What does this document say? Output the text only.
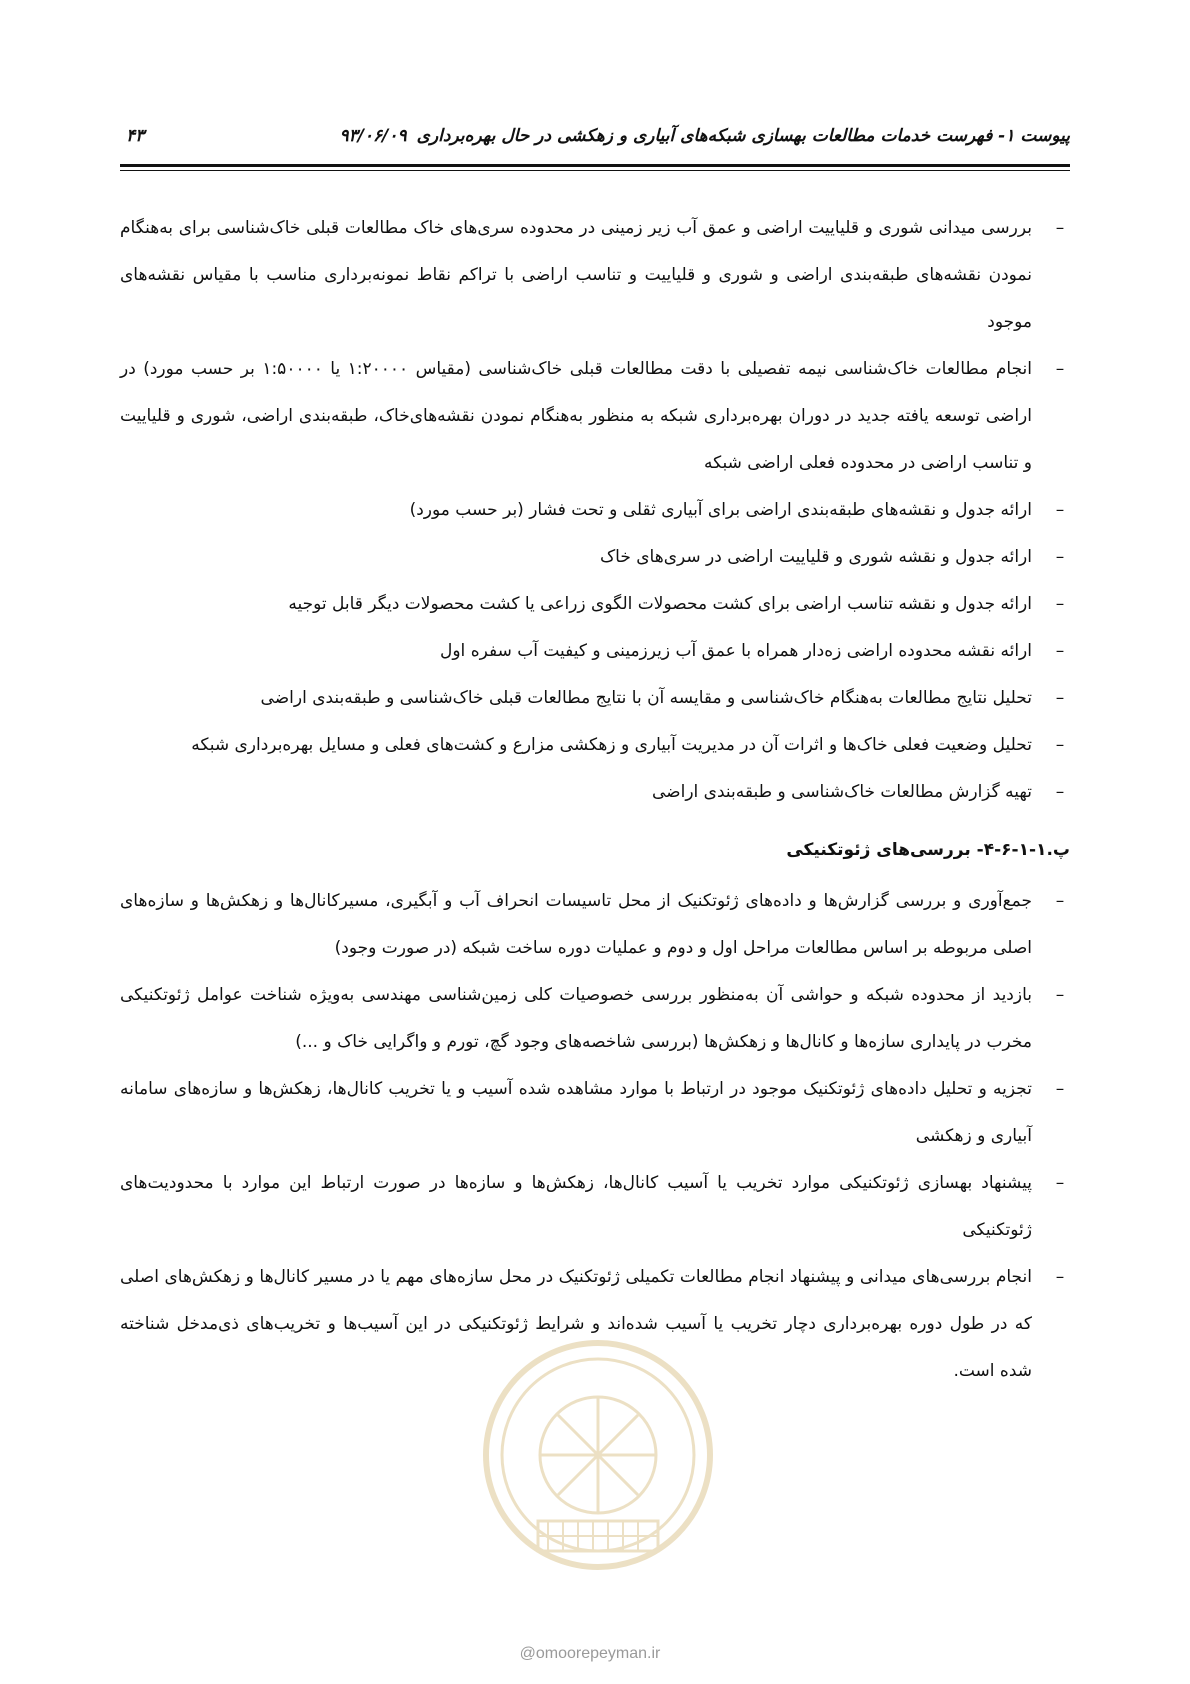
پیوست ۱- فهرست خدمات مطالعات بهسازی شبکه‌های آبیاری و زهکشی در حال بهره‌برداری۹۳/۰۶/۰۹
۴۳
–
بررسی میدانی شوری و قلیاییت اراضی و عمق آب زیر زمینی در محدوده سری‌های خاک مطالعات قبلی خاک‌شناسی برای به‌هنگام نمودن نقشه‌های طبقه‌بندی اراضی و شوری و قلیاییت و تناسب اراضی با تراکم نقاط نمونه‌برداری مناسب با مقیاس نقشه‌های موجود
–
انجام مطالعات خاک‌شناسی نیمه تفصیلی با دقت مطالعات قبلی خاک‌شناسی (مقیاس ۱:۲۰۰۰۰ یا ۱:۵۰۰۰۰ بر حسب مورد) در اراضی توسعه یافته جدید در دوران بهره‌برداری شبکه به منظور به‌هنگام نمودن نقشه‌های‌خاک، طبقه‌بندی اراضی، شوری و قلیاییت و تناسب اراضی در محدوده فعلی اراضی شبکه
–
ارائه جدول و نقشه‌های طبقه‌بندی اراضی برای آبیاری ثقلی و تحت فشار (بر حسب مورد)
–
ارائه جدول و نقشه شوری و قلیاییت اراضی در سری‌های خاک
–
ارائه جدول و نقشه تناسب اراضی برای کشت محصولات الگوی زراعی یا کشت محصولات دیگر قابل توجیه
–
ارائه نقشه محدوده اراضی زه‌دار همراه با عمق آب زیرزمینی و کیفیت آب سفره اول
–
تحلیل نتایج مطالعات به‌هنگام خاک‌شناسی و مقایسه آن با نتایج مطالعات قبلی خاک‌شناسی و طبقه‌بندی اراضی
–
تحلیل وضعیت فعلی خاک‌ها و اثرات آن در مدیریت آبیاری و زهکشی مزارع و کشت‌های فعلی و مسایل بهره‌برداری شبکه
–
تهیه گزارش مطالعات خاک‌شناسی و طبقه‌بندی اراضی
پ.۱-۱-۶-۴- بررسی‌های ژئوتکنیکی
–
جمع‌آوری و بررسی گزارش‌ها و داده‌های ژئوتکنیک از محل تاسیسات انحراف آب و آبگیری، مسیرکانال‌ها و زهکش‌ها و سازه‌های اصلی مربوطه بر اساس مطالعات مراحل اول و دوم و عملیات دوره ساخت شبکه (در صورت وجود)
–
بازدید از محدوده شبکه و حواشی آن به‌منظور بررسی خصوصیات کلی زمین‌شناسی مهندسی به‌ویژه شناخت عوامل ژئوتکنیکی مخرب در پایداری سازه‌ها و کانال‌ها و زهکش‌ها (بررسی شاخصه‌های وجود گچ، تورم و واگرایی خاک و ...)
–
تجزیه و تحلیل داده‌های ژئوتکنیک موجود در ارتباط با موارد مشاهده شده آسیب و یا تخریب کانال‌ها، زهکش‌ها و سازه‌های سامانه آبیاری و زهکشی
–
پیشنهاد بهسازی ژئوتکنیکی موارد تخریب یا آسیب کانال‌ها، زهکش‌ها و سازه‌ها در صورت ارتباط این موارد با محدودیت‌های ژئوتکنیکی
–
انجام بررسی‌های میدانی و پیشنهاد انجام مطالعات تکمیلی ژئوتکنیک در محل سازه‌های مهم یا در مسیر کانال‌ها و زهکش‌های اصلی که در طول دوره بهره‌برداری دچار تخریب یا آسیب شده‌اند و شرایط ژئوتکنیکی در این آسیب‌ها و تخریب‌های ذی‌مدخل شناخته شده است.
@omoorepeyman.ir
